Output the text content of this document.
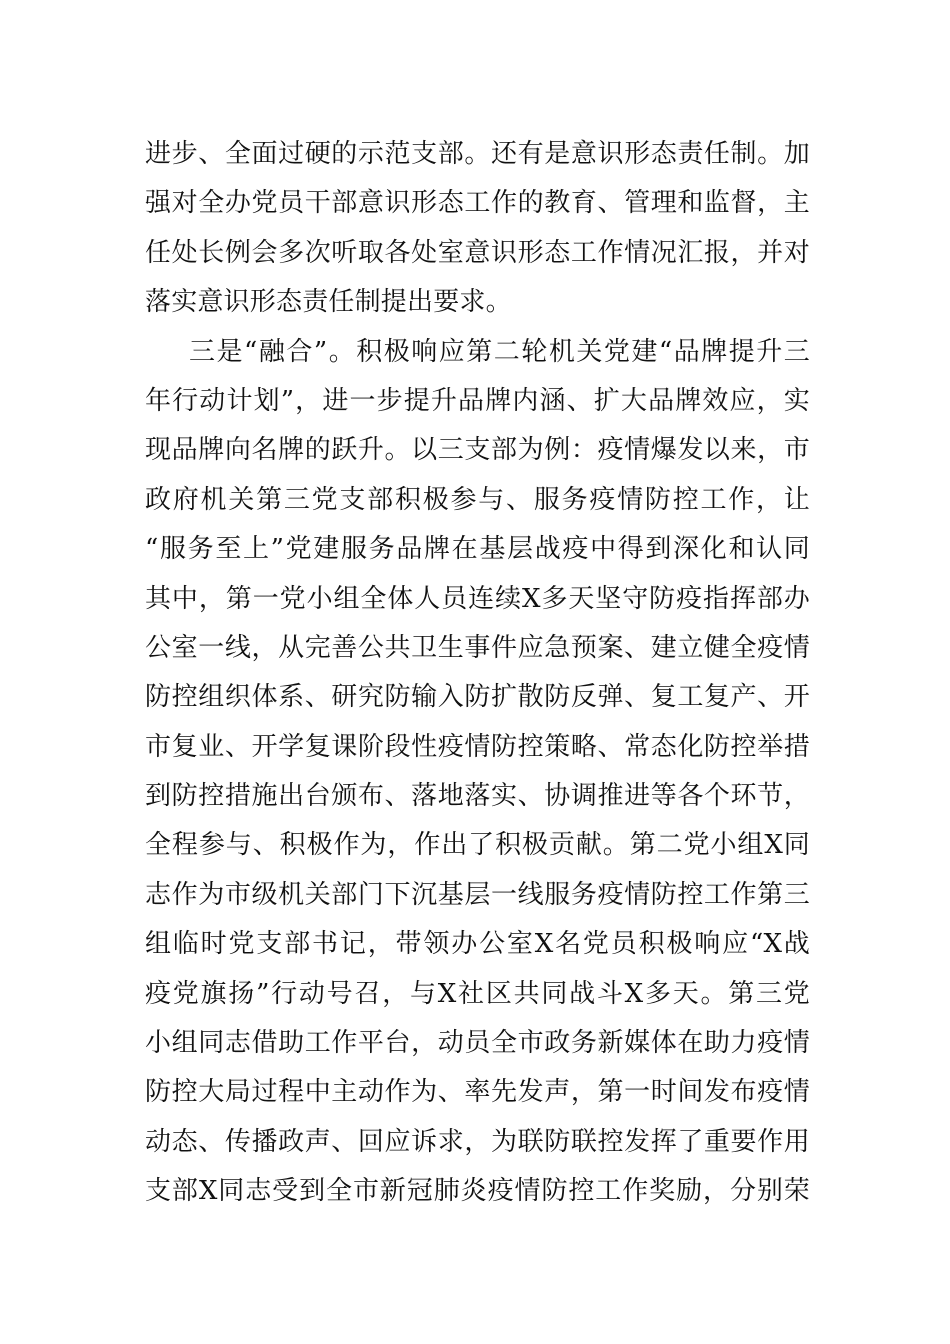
进步、全面过硬的示范支部。还有是意识形态责任制。加
强对全办党员干部意识形态工作的教育、管理和监督，主
任处长例会多次听取各处室意识形态工作情况汇报，并对
落实意识形态责任制提出要求。
三是“融合”。积极响应第二轮机关党建“品牌提升三
年行动计划”，进一步提升品牌内涵、扩大品牌效应，实
现品牌向名牌的跃升。以三支部为例：疫情爆发以来，市
政府机关第三党支部积极参与、服务疫情防控工作，让
“服务至上”党建服务品牌在基层战疫中得到深化和认同
其中，第一党小组全体人员连续X多天坚守防疫指挥部办
公室一线，从完善公共卫生事件应急预案、建立健全疫情
防控组织体系、研究防输入防扩散防反弹、复工复产、开
市复业、开学复课阶段性疫情防控策略、常态化防控举措
到防控措施出台颁布、落地落实、协调推进等各个环节，
全程参与、积极作为，作出了积极贡献。第二党小组X同
志作为市级机关部门下沉基层一线服务疫情防控工作第三
组临时党支部书记，带领办公室X名党员积极响应“X战
疫党旗扬”行动号召，与X社区共同战斗X多天。第三党
小组同志借助工作平台，动员全市政务新媒体在助力疫情
防控大局过程中主动作为、率先发声，第一时间发布疫情
动态、传播政声、回应诉求，为联防联控发挥了重要作用
支部X同志受到全市新冠肺炎疫情防控工作奖励，分别荣
